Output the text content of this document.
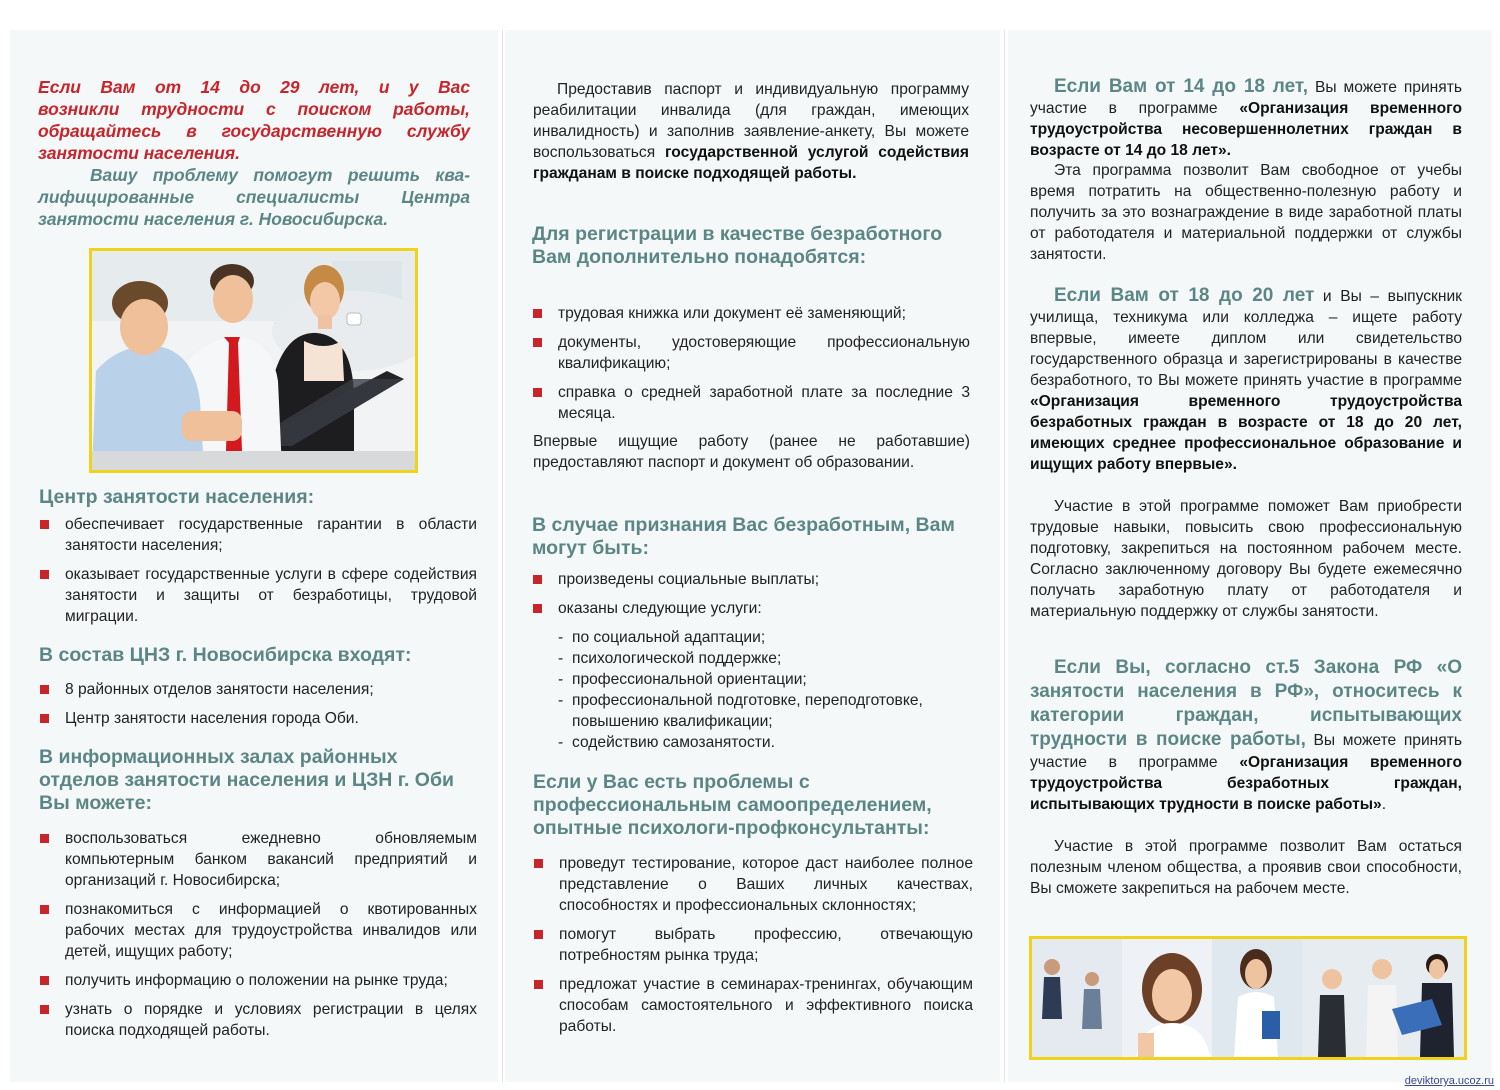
Если Вам от 14 до 29 лет, и у Вас
возникли трудности с поиском работы,
обращайтесь в государственную службу
занятости населения.
Вашу проблему помогут решить ква-
лифицированные специалисты Центра
занятости населения г. Новосибирска.
Центр занятости населения:
обеспечивает государственные гарантии в области занятости населения;
оказывает государственные услуги в сфере содействия занятости и защиты от безработицы, трудовой миграции.
В состав ЦНЗ г. Новосибирска входят:
8 районных отделов занятости населения;
Центр занятости населения города Оби.
В информационных залах районных отделов занятости населения и ЦЗН г. Оби Вы можете:
воспользоваться ежедневно обновляемым компьютерным банком вакансий предприятий и организаций г. Новосибирска;
познакомиться с информацией о квотированных рабочих местах для трудоустройства инвалидов или детей, ищущих работу;
получить информацию о положении на рынке труда;
узнать о порядке и условиях регистрации в целях поиска подходящей работы.
Предоставив паспорт и индивидуальную программу реабилитации инвалида (для граждан, имеющих инвалидность) и заполнив заявление-анкету, Вы можете воспользоваться государственной услугой содействия гражданам в поиске подходящей работы.
Для регистрации в качестве безработного Вам дополнительно понадобятся:
трудовая книжка или документ её заменяющий;
документы, удостоверяющие профессиональную квалификацию;
справка о средней заработной плате за последние 3 месяца.
Впервые ищущие работу (ранее не работавшие) предоставляют паспорт и документ об образовании.
В случае признания Вас безработным, Вам могут быть:
произведены социальные выплаты;
оказаны следующие услуги:
- по социальной адаптации;
- психологической поддержке;
- профессиональной ориентации;
- профессиональной подготовке, переподготовке, повышению квалификации;
- содействию самозанятости.
Если у Вас есть проблемы с профессиональным самоопределением, опытные психологи-профконсультанты:
проведут тестирование, которое даст наиболее полное представление о Ваших личных качествах, способностях и профессиональных склонностях;
помогут выбрать профессию, отвечающую потребностям рынка труда;
предложат участие в семинарах-тренингах, обучающим способам самостоятельного и эффективного поиска работы.
Если Вам от 14 до 18 лет, Вы можете принять участие в программе «Организация временного трудоустройства несовершеннолетних граждан в возрасте от 14 до 18 лет».
Эта программа позволит Вам свободное от учебы время потратить на общественно-полезную работу и получить за это вознаграждение в виде заработной платы от работодателя и материальной поддержки от службы занятости.
Если Вам от 18 до 20 лет и Вы – выпускник училища, техникума или колледжа – ищете работу впервые, имеете диплом или свидетельство государственного образца и зарегистрированы в качестве безработного, то Вы можете принять участие в программе «Организация временного трудоустройства безработных граждан в возрасте от 18 до 20 лет, имеющих среднее профессиональное образование и ищущих работу впервые».
Участие в этой программе поможет Вам приобрести трудовые навыки, повысить свою профессиональную подготовку, закрепиться на постоянном рабочем месте. Согласно заключенному договору Вы будете ежемесячно получать заработную плату от работодателя и материальную поддержку от службы занятости.
Если Вы, согласно ст.5 Закона РФ «О занятости населения в РФ», относитесь к категории граждан, испытывающих трудности в поиске работы, Вы можете принять участие в программе «Организация временного трудоустройства безработных граждан, испытывающих трудности в поиске работы».
Участие в этой программе позволит Вам остаться полезным членом общества, а проявив свои способности, Вы сможете закрепиться на рабочем месте.
deviktorya.ucoz.ru
